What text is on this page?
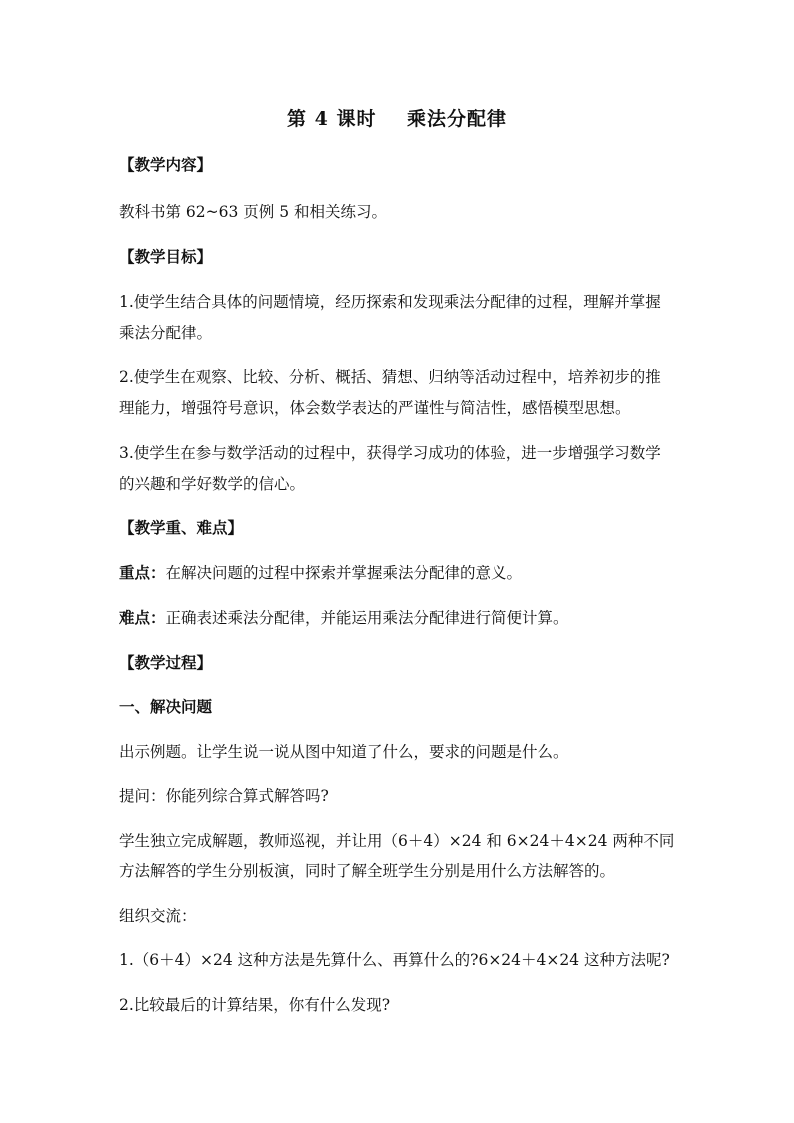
第 4 课时    乘法分配律
【教学内容】
教科书第 62~63 页例 5 和相关练习。
【教学目标】
1.使学生结合具体的问题情境，经历探索和发现乘法分配律的过程，理解并掌握
乘法分配律。
2.使学生在观察、比较、分析、概括、猜想、归纳等活动过程中，培养初步的推
理能力，增强符号意识，体会数学表达的严谨性与简洁性，感悟模型思想。
3.使学生在参与数学活动的过程中，获得学习成功的体验，进一步增强学习数学
的兴趣和学好数学的信心。
【教学重、难点】
重点：在解决问题的过程中探索并掌握乘法分配律的意义。
难点：正确表述乘法分配律，并能运用乘法分配律进行简便计算。
【教学过程】
一、解决问题
出示例题。让学生说一说从图中知道了什么，要求的问题是什么。
提问：你能列综合算式解答吗?
学生独立完成解题，教师巡视，并让用（6＋4）×24 和 6×24＋4×24 两种不同
方法解答的学生分别板演，同时了解全班学生分别是用什么方法解答的。
组织交流：
1.（6＋4）×24 这种方法是先算什么、再算什么的?6×24＋4×24 这种方法呢?
2.比较最后的计算结果，你有什么发现?
